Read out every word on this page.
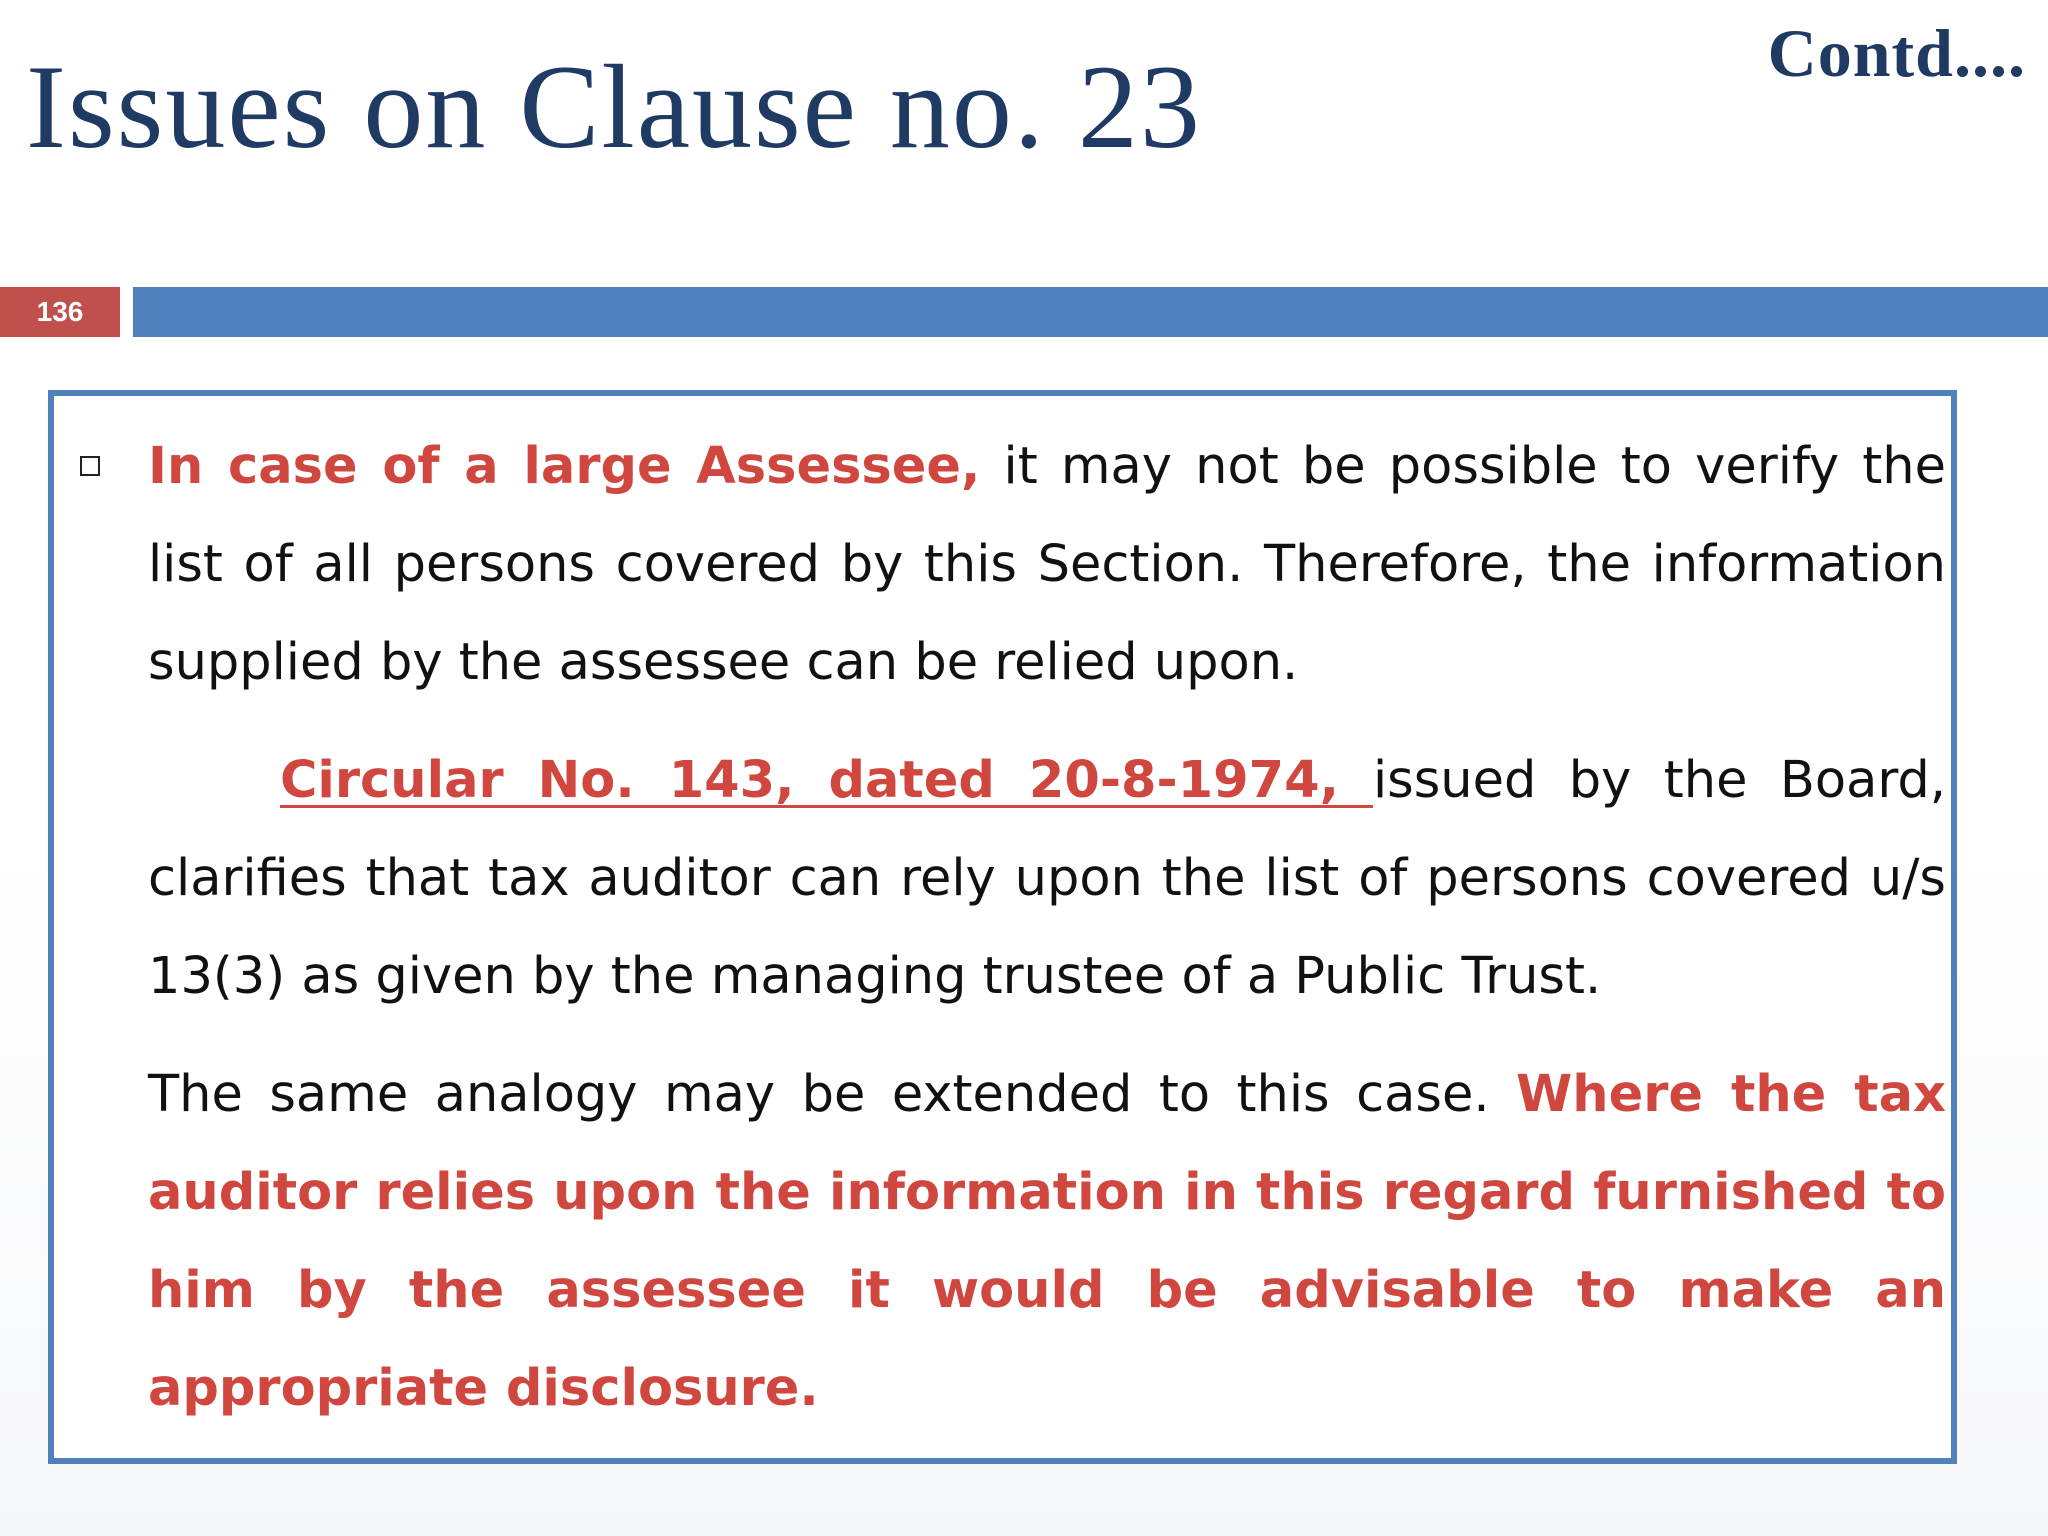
Contd....
Issues on Clause no. 23
136

In case of a large Assessee, it may not be possible to verify the list of all persons covered by this Section. Therefore, the information supplied by the assessee can be relied upon.

Circular No. 143, dated 20-8-1974, issued by the Board, clarifies that tax auditor can rely upon the list of persons covered u/s 13(3) as given by the managing trustee of a Public Trust.

The same analogy may be extended to this case. Where the tax auditor relies upon the information in this regard furnished to him by the assessee it would be advisable to make an appropriate disclosure.
